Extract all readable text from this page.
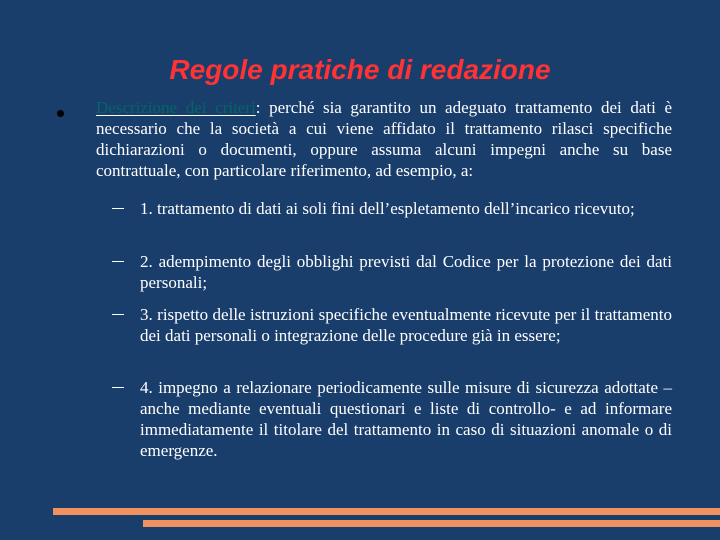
Regole pratiche di redazione

Descrizione dei criteri: perché sia garantito un adeguato trattamento dei dati è necessario che la società a cui viene affidato il trattamento rilasci specifiche dichiarazioni o documenti, oppure assuma alcuni impegni anche su base contrattuale, con particolare riferimento, ad esempio, a:

1. trattamento di dati ai soli fini dell’espletamento dell’incarico ricevuto;

2. adempimento degli obblighi previsti dal Codice per la protezione dei dati personali;

3. rispetto delle istruzioni specifiche eventualmente ricevute per il trattamento dei dati personali o integrazione delle procedure già in essere;

4. impegno a relazionare periodicamente sulle misure di sicurezza adottate –anche mediante eventuali questionari e liste di controllo- e ad informare immediatamente il titolare del trattamento in caso di situazioni anomale o di emergenze.
